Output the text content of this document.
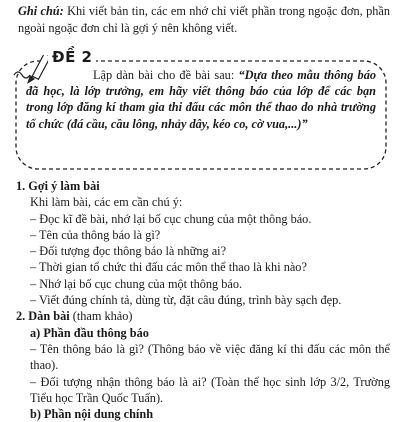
Ghi chú: Khi viết bản tin, các em nhớ chỉ viết phần trong ngoặc đơn, phần ngoài ngoặc đơn chỉ là gợi ý nên không viết.
ĐỀ 2
Lập dàn bài cho đề bài sau: “Dựa theo mẫu thông báo đã học, là lớp trưởng, em hãy viết thông báo của lớp để các bạn trong lớp đăng kí tham gia thi đấu các môn thể thao do nhà trường tổ chức (đá cầu, cầu lông, nhảy dây, kéo co, cờ vua,...)”
1. Gợi ý làm bài
Khi làm bài, các em cần chú ý:
– Đọc kĩ đề bài, nhớ lại bố cục chung của một thông báo.
– Tên của thông báo là gì?
– Đối tượng đọc thông báo là những ai?
– Thời gian tổ chức thi đấu các môn thể thao là khi nào?
– Nhớ lại bố cục chung của một thông báo.
– Viết đúng chính tả, dùng từ, đặt câu đúng, trình bày sạch đẹp.
2. Dàn bài (tham khảo)
a) Phần đầu thông báo
– Tên thông báo là gì? (Thông báo về việc đăng kí thi đấu các môn thể thao).
– Đối tượng nhận thông báo là ai? (Toàn thể học sinh lớp 3/2, Trường Tiểu học Trần Quốc Tuấn).
b) Phần nội dung chính
